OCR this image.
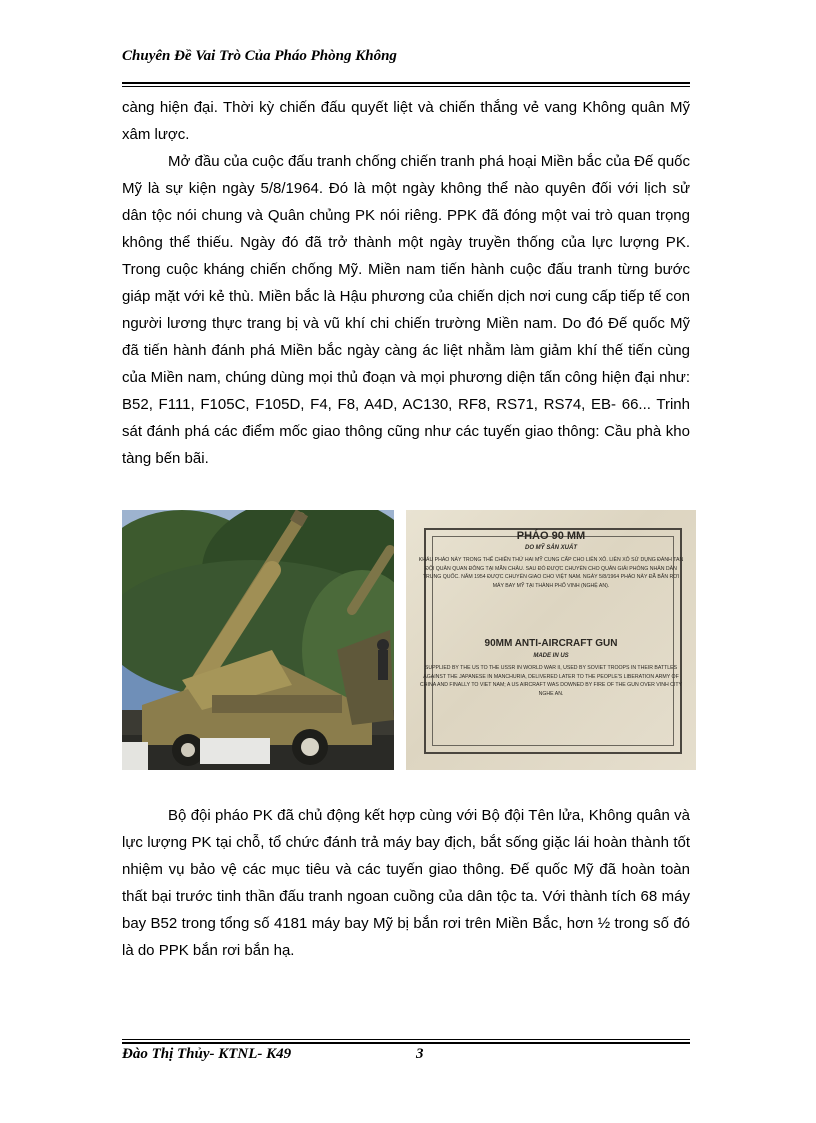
Chuyên Đề Vai Trò Của Pháo Phòng Không

càng hiện đại. Thời kỳ chiến đấu quyết liệt và chiến thắng vẻ vang Không quân Mỹ xâm lược.

Mở đầu của cuộc đấu tranh chống chiến tranh phá hoại Miền bắc của Đế quốc Mỹ là sự kiện ngày 5/8/1964. Đó là một ngày không thể nào quyên đối với lịch sử dân tộc nói chung và Quân chủng PK nói riêng. PPK đã đóng một vai trò quan trọng không thể thiếu. Ngày đó đã trở thành một ngày truyền thống của lực lượng PK. Trong cuộc kháng chiến chống Mỹ. Miền nam tiến hành cuộc đấu tranh từng bước giáp mặt với kẻ thù. Miền bắc là Hậu phương của chiến dịch nơi cung cấp tiếp tế con người lương thực trang bị và vũ khí chi chiến trường Miền nam. Do đó Đế quốc Mỹ đã tiến hành đánh phá Miền bắc ngày càng ác liệt nhằm làm giảm khí thế tiến cùng của Miền nam, chúng dùng mọi thủ đoạn và mọi phương diện tấn công hiện đại như: B52, F111, F105C, F105D, F4, F8, A4D, AC130, RF8, RS71, RS74, EB- 66... Trinh sát đánh phá các điểm mốc giao thông cũng như các tuyến giao thông: Cầu phà kho tàng bến bãi.

PHÁO 90 MM
DO MỸ SẢN XUẤT
KHẨU PHÁO NÀY TRONG THẾ CHIẾN THỨ HAI MỸ CUNG CẤP CHO LIÊN XÔ. LIÊN XÔ SỬ DỤNG ĐÁNH TAN ĐỘI QUÂN QUAN ĐÔNG TẠI MÃN CHÂU. SAU ĐÓ ĐƯỢC CHUYỂN CHO QUÂN GIẢI PHÓNG NHÂN DÂN TRUNG QUỐC. NĂM 1954 ĐƯỢC CHUYỂN GIAO CHO VIỆT NAM. NGÀY 5/8/1964 PHÁO NÀY ĐÃ BẮN RƠI MÁY BAY MỸ TẠI THÀNH PHỐ VINH (NGHỆ AN).
90MM ANTI-AIRCRAFT GUN
MADE IN US
SUPPLIED BY THE US TO THE USSR IN WORLD WAR II, USED BY SOVIET TROOPS IN THEIR BATTLES AGAINST THE JAPANESE IN MANCHURIA, DELIVERED LATER TO THE PEOPLE'S LIBERATION ARMY OF CHINA AND FINALLY TO VIET NAM; A US AIRCRAFT WAS DOWNED BY FIRE OF THE GUN OVER VINH CITY NGHE AN.

Bộ đội pháo PK đã chủ động kết hợp cùng với Bộ đội Tên lửa, Không quân và lực lượng PK tại chỗ, tổ chức đánh trả máy bay địch, bắt sống giặc lái hoàn thành tốt nhiệm vụ bảo vệ các mục tiêu và các tuyến giao thông. Đế quốc Mỹ đã hoàn toàn thất bại trước tinh thần đấu tranh ngoan cuồng của dân tộc ta. Với thành tích 68 máy bay B52 trong tổng số 4181 máy bay Mỹ bị bắn rơi trên Miền Bắc, hơn ½ trong số đó là do PPK bắn rơi bắn hạ.

Đào Thị Thủy- KTNL- K49	3
